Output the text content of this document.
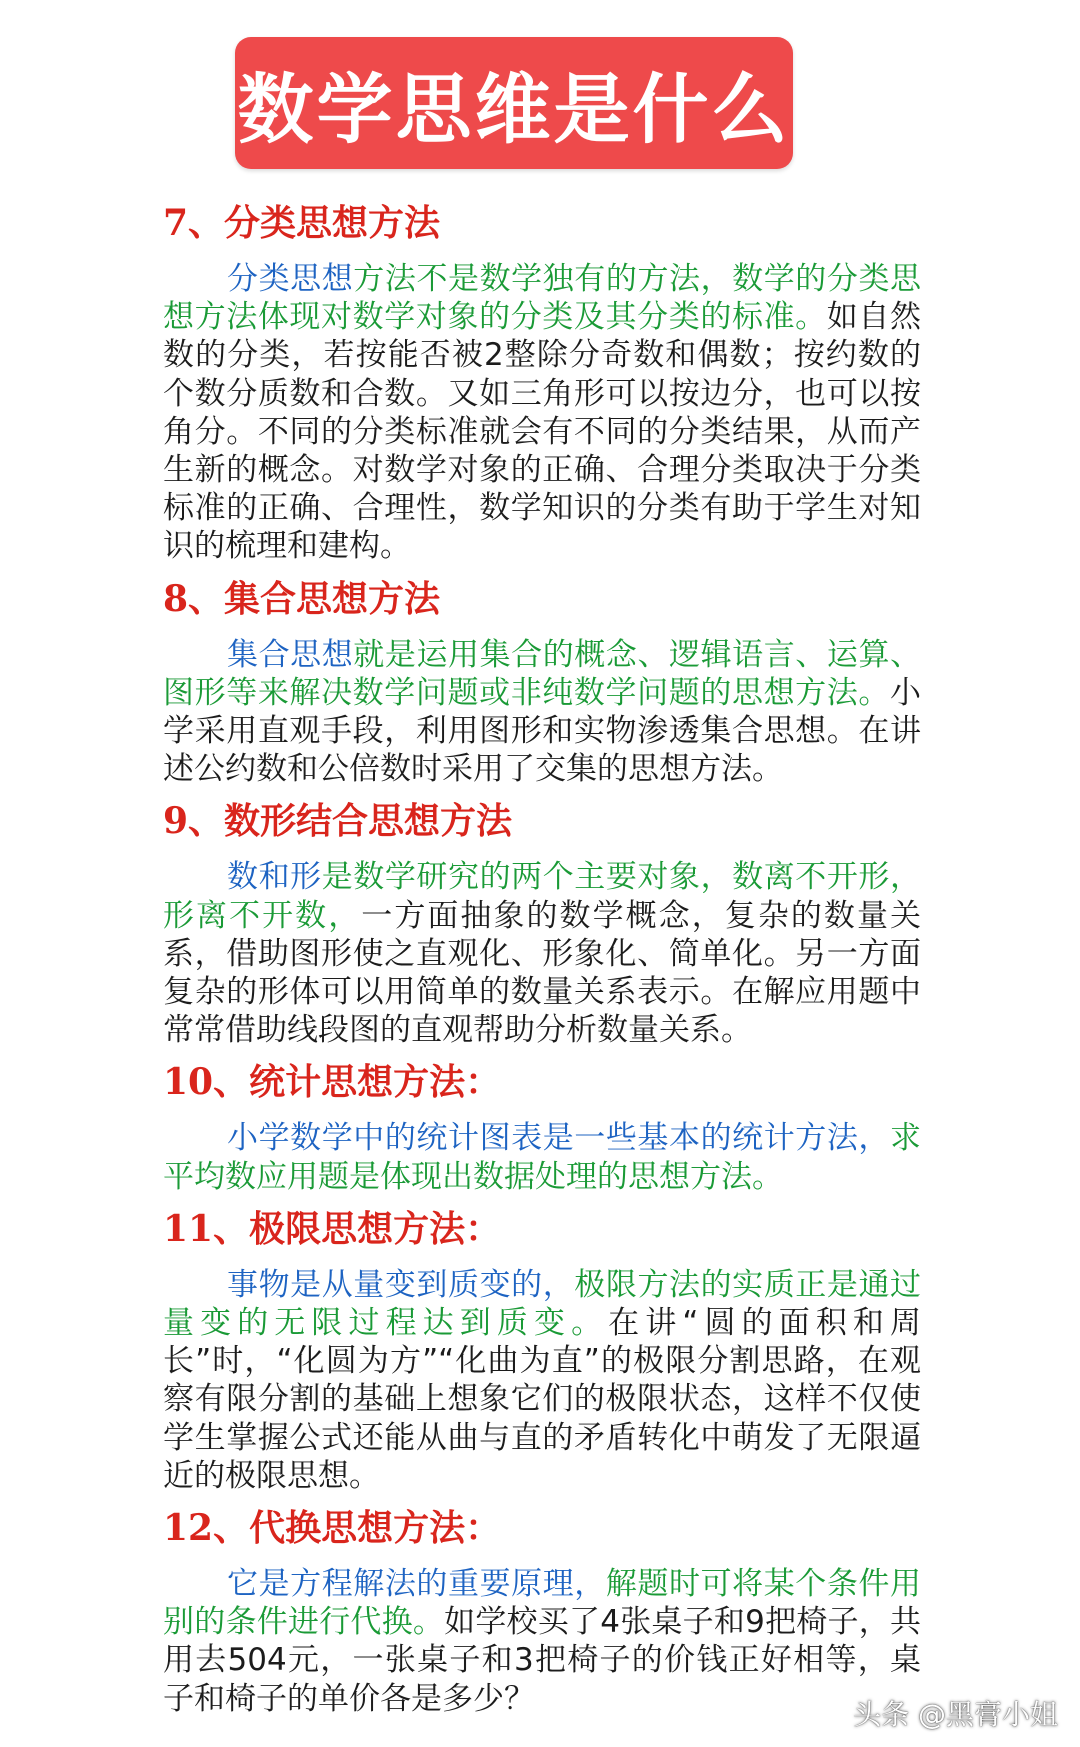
数学思维是什么
7、分类思想方法

分类思想方法不是数学独有的方法，数学的分类思想方法体现对数学对象的分类及其分类的标准。如自然数的分类，若按能否被2整除分奇数和偶数；按约数的个数分质数和合数。又如三角形可以按边分，也可以按角分。不同的分类标准就会有不同的分类结果，从而产生新的概念。对数学对象的正确、合理分类取决于分类标准的正确、合理性，数学知识的分类有助于学生对知识的梳理和建构。

8、集合思想方法

集合思想就是运用集合的概念、逻辑语言、运算、图形等来解决数学问题或非纯数学问题的思想方法。小学采用直观手段，利用图形和实物渗透集合思想。在讲述公约数和公倍数时采用了交集的思想方法。

9、数形结合思想方法

数和形是数学研究的两个主要对象，数离不开形，形离不开数，一方面抽象的数学概念，复杂的数量关系，借助图形使之直观化、形象化、简单化。另一方面复杂的形体可以用简单的数量关系表示。在解应用题中常常借助线段图的直观帮助分析数量关系。

10、统计思想方法：

小学数学中的统计图表是一些基本的统计方法，求平均数应用题是体现出数据处理的思想方法。

11、极限思想方法：

事物是从量变到质变的，极限方法的实质正是通过量变的无限过程达到质变。在讲“圆的面积和周长”时，“化圆为方”“化曲为直”的极限分割思路，在观察有限分割的基础上想象它们的极限状态，这样不仅使学生掌握公式还能从曲与直的矛盾转化中萌发了无限逼近的极限思想。

12、代换思想方法：

它是方程解法的重要原理，解题时可将某个条件用别的条件进行代换。如学校买了4张桌子和9把椅子，共用去504元，一张桌子和3把椅子的价钱正好相等，桌子和椅子的单价各是多少？	头条 @黑膏小姐
